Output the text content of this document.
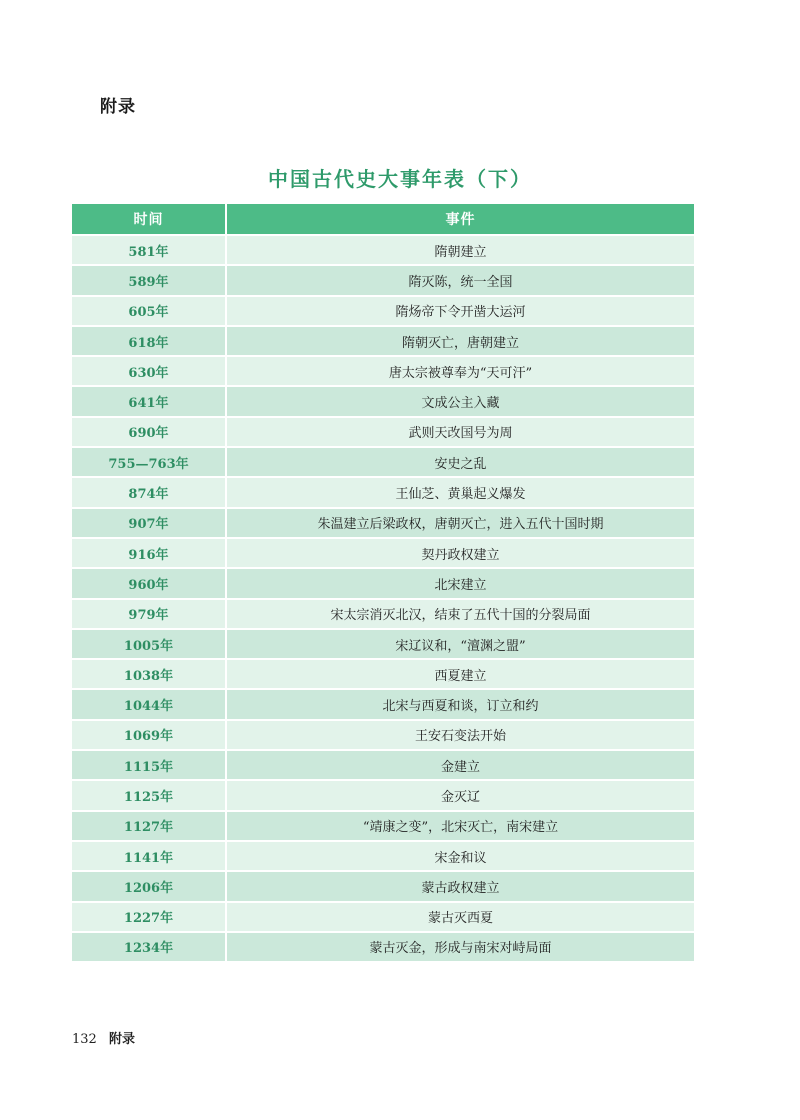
附录
中国古代史大事年表（下）
时间	事件
581年	隋朝建立
589年	隋灭陈，统一全国
605年	隋炀帝下令开凿大运河
618年	隋朝灭亡，唐朝建立
630年	唐太宗被尊奉为“天可汗”
641年	文成公主入藏
690年	武则天改国号为周
755—763年	安史之乱
874年	王仙芝、黄巢起义爆发
907年	朱温建立后梁政权，唐朝灭亡，进入五代十国时期
916年	契丹政权建立
960年	北宋建立
979年	宋太宗消灭北汉，结束了五代十国的分裂局面
1005年	宋辽议和，“澶渊之盟”
1038年	西夏建立
1044年	北宋与西夏和谈，订立和约
1069年	王安石变法开始
1115年	金建立
1125年	金灭辽
1127年	“靖康之变”，北宋灭亡，南宋建立
1141年	宋金和议
1206年	蒙古政权建立
1227年	蒙古灭西夏
1234年	蒙古灭金，形成与南宋对峙局面
132 附录
